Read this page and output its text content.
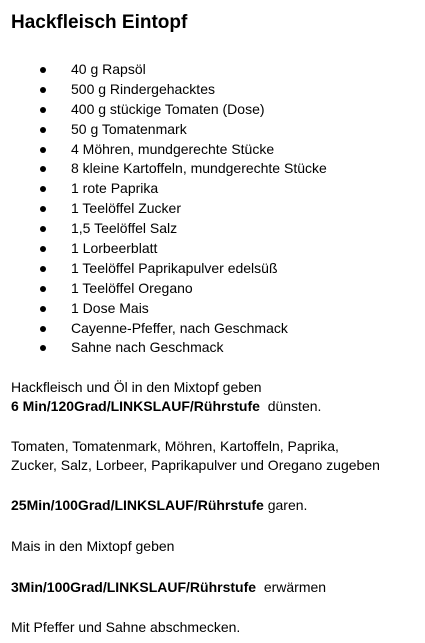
Hackfleisch Eintopf
40 g Rapsöl
500 g Rindergehacktes
400 g stückige Tomaten (Dose)
50 g Tomatenmark
4 Möhren, mundgerechte Stücke
8 kleine Kartoffeln, mundgerechte Stücke
1 rote Paprika
1 Teelöffel Zucker
1,5 Teelöffel Salz
1 Lorbeerblatt
1 Teelöffel Paprikapulver edelsüß
1 Teelöffel Oregano
1 Dose Mais
Cayenne-Pfeffer, nach Geschmack
Sahne nach Geschmack
Hackfleisch und Öl in den Mixtopf geben
6 Min/120Grad/LINKSLAUF/Rührstufe dünsten.
Tomaten, Tomatenmark, Möhren, Kartoffeln, Paprika,
Zucker, Salz, Lorbeer, Paprikapulver und Oregano zugeben
25Min/100Grad/LINKSLAUF/Rührstufe garen.
Mais in den Mixtopf geben
3Min/100Grad/LINKSLAUF/Rührstufe erwärmen
Mit Pfeffer und Sahne abschmecken.
